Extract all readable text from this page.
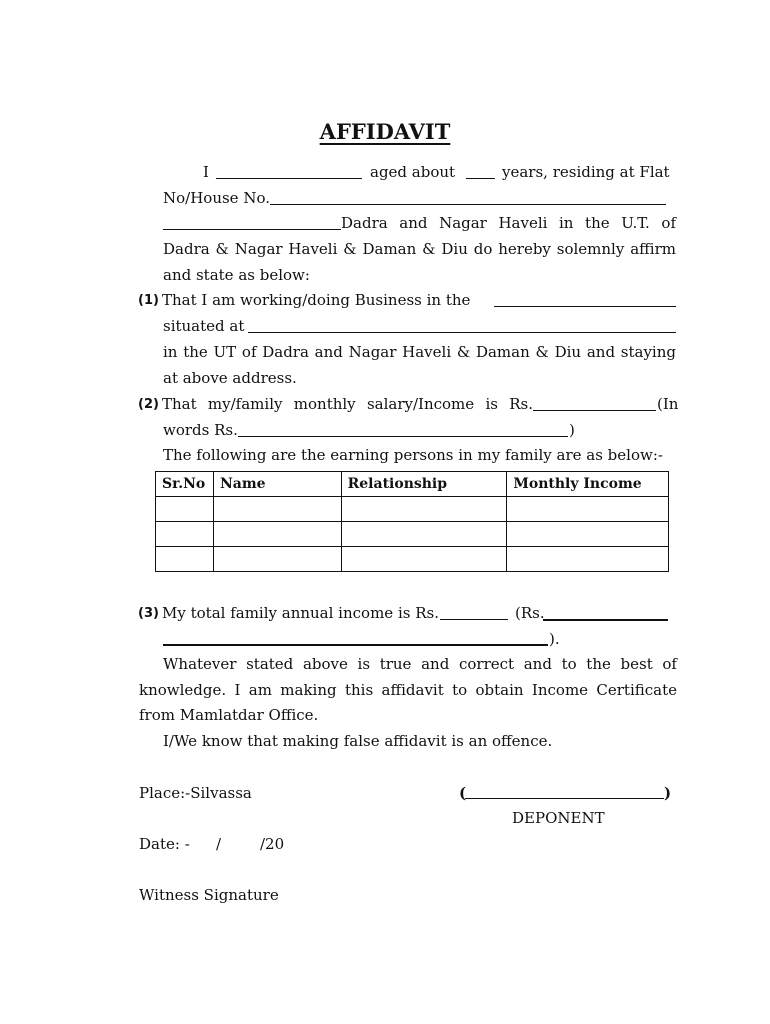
AFFIDAVIT
I	aged about	years, residing at Flat
No/House No.
Dadra and Nagar Haveli in the U.T. of
Dadra & Nagar Haveli & Daman & Diu do hereby solemnly affirm
and state as below:
(1) That I am working/doing Business in the
situated at
in the UT of Dadra and Nagar Haveli & Daman & Diu and staying
at above address.
(2) That my/family monthly salary/Income is Rs.	(In
words Rs.	)
The following are the earning persons in my family are as below:-
Sr.No	Name	Relationship	Monthly Income

(3) My total family annual income is Rs.	(Rs.
).
Whatever stated above is true and correct and to the best of
knowledge. I am making this affidavit to obtain Income Certificate
from Mamlatdar Office.
I/We know that making false affidavit is an offence.
Place:-Silvassa	(	)
DEPONENT
Date: - /	/20
Witness Signature
